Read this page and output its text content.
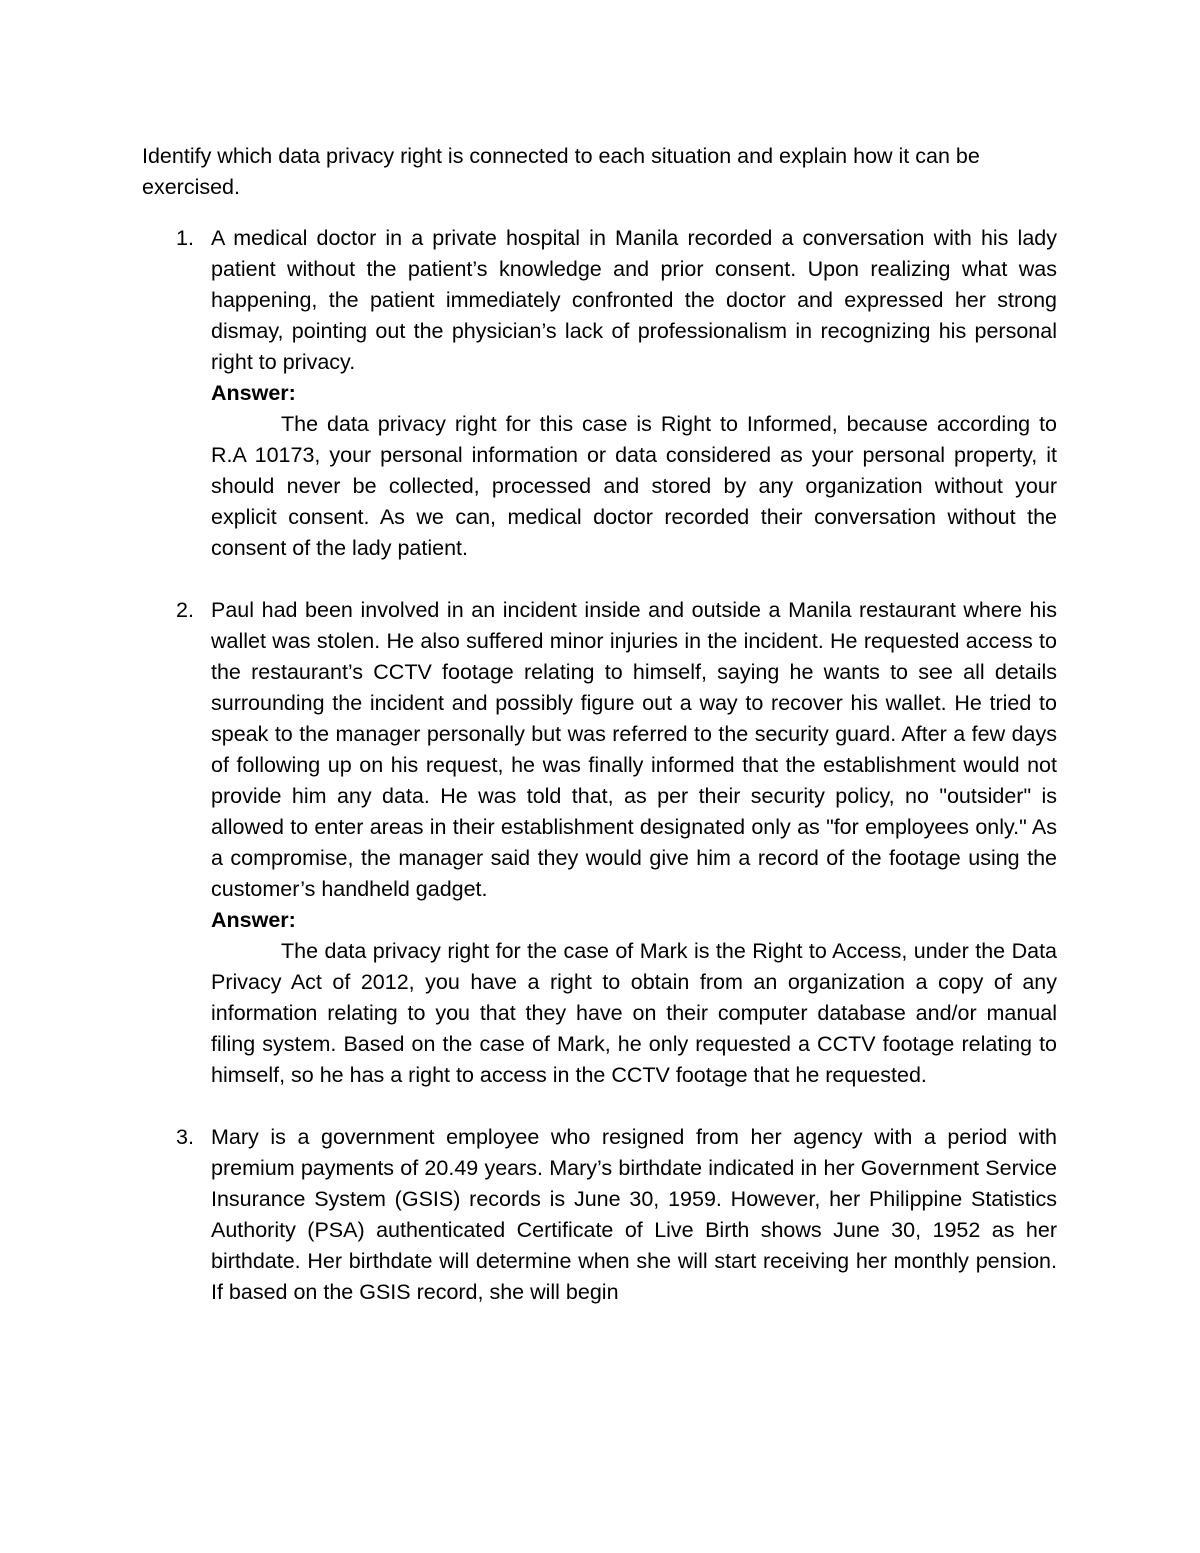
Identify which data privacy right is connected to each situation and explain how it can be exercised.

1. A medical doctor in a private hospital in Manila recorded a conversation with his lady patient without the patient’s knowledge and prior consent. Upon realizing what was happening, the patient immediately confronted the doctor and expressed her strong dismay, pointing out the physician’s lack of professionalism in recognizing his personal right to privacy.

Answer:

The data privacy right for this case is Right to Informed, because according to R.A 10173, your personal information or data considered as your personal property, it should never be collected, processed and stored by any organization without your explicit consent. As we can, medical doctor recorded their conversation without the consent of the lady patient.

2. Paul had been involved in an incident inside and outside a Manila restaurant where his wallet was stolen. He also suffered minor injuries in the incident. He requested access to the restaurant’s CCTV footage relating to himself, saying he wants to see all details surrounding the incident and possibly figure out a way to recover his wallet. He tried to speak to the manager personally but was referred to the security guard. After a few days of following up on his request, he was finally informed that the establishment would not provide him any data. He was told that, as per their security policy, no "outsider" is allowed to enter areas in their establishment designated only as "for employees only." As a compromise, the manager said they would give him a record of the footage using the customer’s handheld gadget.

Answer:

The data privacy right for the case of Mark is the Right to Access, under the Data Privacy Act of 2012, you have a right to obtain from an organization a copy of any information relating to you that they have on their computer database and/or manual filing system. Based on the case of Mark, he only requested a CCTV footage relating to himself, so he has a right to access in the CCTV footage that he requested.

3. Mary is a government employee who resigned from her agency with a period with premium payments of 20.49 years. Mary’s birthdate indicated in her Government Service Insurance System (GSIS) records is June 30, 1959. However, her Philippine Statistics Authority (PSA) authenticated Certificate of Live Birth shows June 30, 1952 as her birthdate. Her birthdate will determine when she will start receiving her monthly pension. If based on the GSIS record, she will begin
